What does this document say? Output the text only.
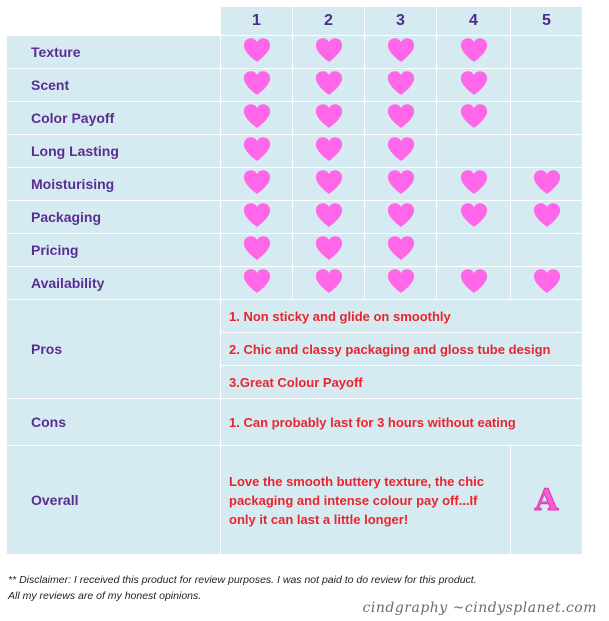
	1	2	3	4	5
Texture	

Scent	

Color Payoff	

Long Lasting	

Moisturising	

Packaging	

Pricing	

Availability	

Pros	1. Non sticky and glide on smoothly				
	2. Chic and classy packaging and gloss tube design				
	3.Great Colour Payoff				
Cons	1. Can probably last for 3 hours without eating				
Overall	Love the smooth buttery texture, the chic packaging and intense colour pay off...If only it can last a little longer!				A
** Disclaimer: I received this product for review purposes. I was not paid to do review for this product.
All my reviews are of my honest opinions.
cindgraphy ~cindysplanet.com
